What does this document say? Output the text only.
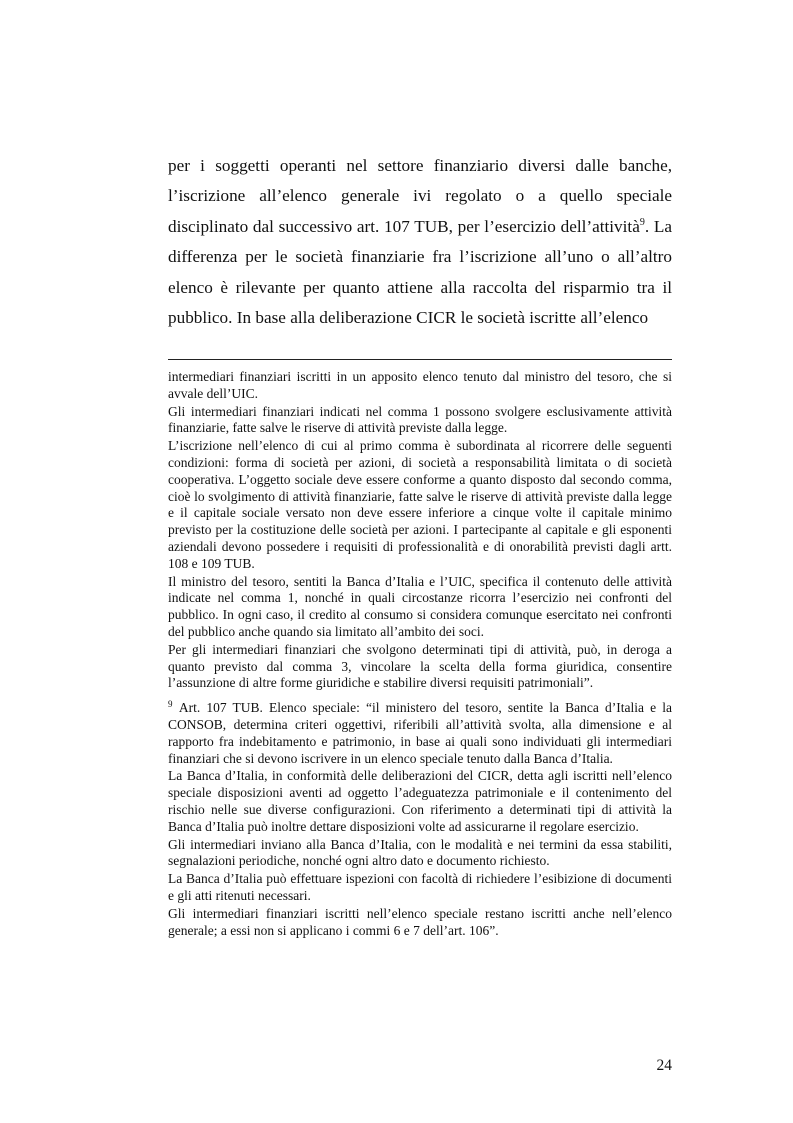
per i soggetti operanti nel settore finanziario diversi dalle banche, l’iscrizione all’elenco generale ivi regolato o a quello speciale disciplinato dal successivo art. 107 TUB, per l’esercizio dell’attività$^9$. La differenza per le società finanziarie fra l’iscrizione all’uno o all’altro elenco è rilevante per quanto attiene alla raccolta del risparmio tra il pubblico. In base alla deliberazione CICR le società iscritte all’elenco

intermediari finanziari iscritti in un apposito elenco tenuto dal ministro del tesoro, che si avvale dell’UIC.

Gli intermediari finanziari indicati nel comma 1 possono svolgere esclusivamente attività finanziarie, fatte salve le riserve di attività previste dalla legge.

L’iscrizione nell’elenco di cui al primo comma è subordinata al ricorrere delle seguenti condizioni: forma di società per azioni, di società a responsabilità limitata o di società cooperativa. L’oggetto sociale deve essere conforme a quanto disposto dal secondo comma, cioè lo svolgimento di attività finanziarie, fatte salve le riserve di attività previste dalla legge e il capitale sociale versato non deve essere inferiore a cinque volte il capitale minimo previsto per la costituzione delle società per azioni. I partecipante al capitale e gli esponenti aziendali devono possedere i requisiti di professionalità e di onorabilità previsti dagli artt. 108 e 109 TUB.

Il ministro del tesoro, sentiti la Banca d’Italia e l’UIC, specifica il contenuto delle attività indicate nel comma 1, nonché in quali circostanze ricorra l’esercizio nei confronti del pubblico. In ogni caso, il credito al consumo si considera comunque esercitato nei confronti del pubblico anche quando sia limitato all’ambito dei soci.

Per gli intermediari finanziari che svolgono determinati tipi di attività, può, in deroga a quanto previsto dal comma 3, vincolare la scelta della forma giuridica, consentire l’assunzione di altre forme giuridiche e stabilire diversi requisiti patrimoniali”.

$^9$ Art. 107 TUB. Elenco speciale: “il ministero del tesoro, sentite la Banca d’Italia e la CONSOB, determina criteri oggettivi, riferibili all’attività svolta, alla dimensione e al rapporto fra indebitamento e patrimonio, in base ai quali sono individuati gli intermediari finanziari che si devono iscrivere in un elenco speciale tenuto dalla Banca d’Italia.

La Banca d’Italia, in conformità delle deliberazioni del CICR, detta agli iscritti nell’elenco speciale disposizioni aventi ad oggetto l’adeguatezza patrimoniale e il contenimento del rischio nelle sue diverse configurazioni. Con riferimento a determinati tipi di attività la Banca d’Italia può inoltre dettare disposizioni volte ad assicurarne il regolare esercizio.

Gli intermediari inviano alla Banca d’Italia, con le modalità e nei termini da essa stabiliti, segnalazioni periodiche, nonché ogni altro dato e documento richiesto.

La Banca d’Italia può effettuare ispezioni con facoltà di richiedere l’esibizione di documenti e gli atti ritenuti necessari.

Gli intermediari finanziari iscritti nell’elenco speciale restano iscritti anche nell’elenco generale; a essi non si applicano i commi 6 e 7 dell’art. 106”.

24
